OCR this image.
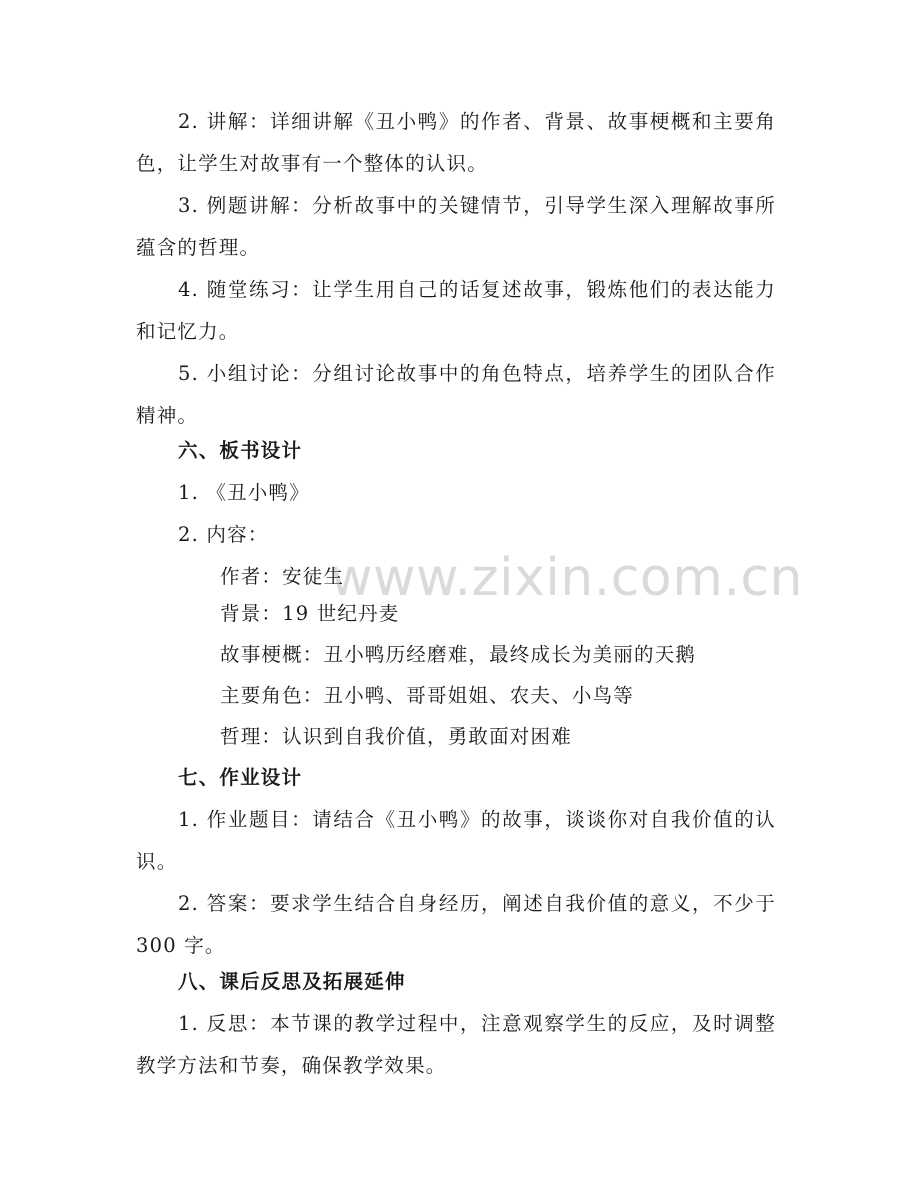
www.zixin.com.cn
2. 讲解：详细讲解《丑小鸭》的作者、背景、故事梗概和主要角色，让学生对故事有一个整体的认识。
3. 例题讲解：分析故事中的关键情节，引导学生深入理解故事所蕴含的哲理。
4. 随堂练习：让学生用自己的话复述故事，锻炼他们的表达能力和记忆力。
5. 小组讨论：分组讨论故事中的角色特点，培养学生的团队合作精神。
六、板书设计
1. 《丑小鸭》
2. 内容：
作者：安徒生
背景：19 世纪丹麦
故事梗概：丑小鸭历经磨难，最终成长为美丽的天鹅
主要角色：丑小鸭、哥哥姐姐、农夫、小鸟等
哲理：认识到自我价值，勇敢面对困难
七、作业设计
1. 作业题目：请结合《丑小鸭》的故事，谈谈你对自我价值的认识。
2. 答案：要求学生结合自身经历，阐述自我价值的意义，不少于 300 字。
八、课后反思及拓展延伸
1. 反思：本节课的教学过程中，注意观察学生的反应，及时调整教学方法和节奏，确保教学效果。
